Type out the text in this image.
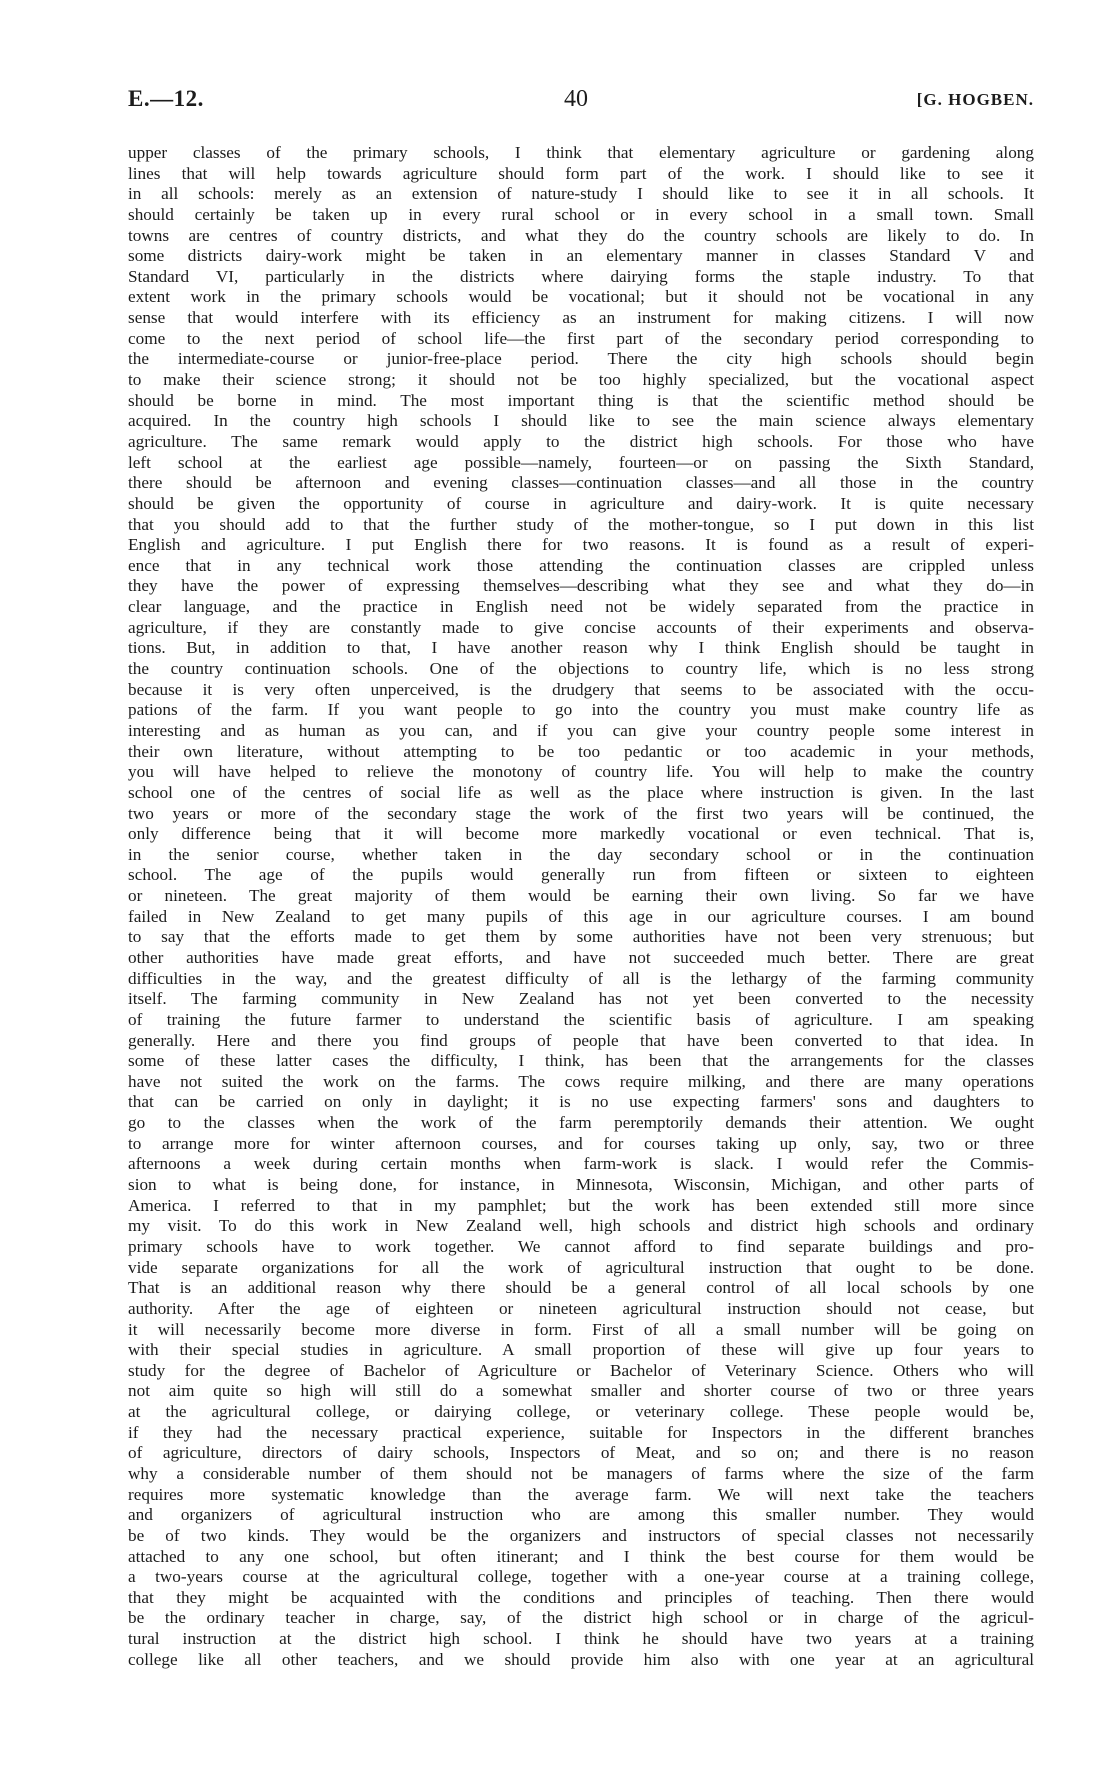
E.—12.	40	[G. HOGBEN.
upper classes of the primary schools, I think that elementary agriculture or gardening along
lines that will help towards agriculture should form part of the work. I should like to see it
in all schools: merely as an extension of nature-study I should like to see it in all schools. It
should certainly be taken up in every rural school or in every school in a small town. Small
towns are centres of country districts, and what they do the country schools are likely to do. In
some districts dairy-work might be taken in an elementary manner in classes Standard V and
Standard VI, particularly in the districts where dairying forms the staple industry. To that
extent work in the primary schools would be vocational; but it should not be vocational in any
sense that would interfere with its efficiency as an instrument for making citizens. I will now
come to the next period of school life—the first part of the secondary period corresponding to
the intermediate-course or junior-free-place period. There the city high schools should begin
to make their science strong; it should not be too highly specialized, but the vocational aspect
should be borne in mind. The most important thing is that the scientific method should be
acquired. In the country high schools I should like to see the main science always elementary
agriculture. The same remark would apply to the district high schools. For those who have
left school at the earliest age possible—namely, fourteen—or on passing the Sixth Standard,
there should be afternoon and evening classes—continuation classes—and all those in the country
should be given the opportunity of course in agriculture and dairy-work. It is quite necessary
that you should add to that the further study of the mother-tongue, so I put down in this list
English and agriculture. I put English there for two reasons. It is found as a result of experi-
ence that in any technical work those attending the continuation classes are crippled unless
they have the power of expressing themselves—describing what they see and what they do—in
clear language, and the practice in English need not be widely separated from the practice in
agriculture, if they are constantly made to give concise accounts of their experiments and observa-
tions. But, in addition to that, I have another reason why I think English should be taught in
the country continuation schools. One of the objections to country life, which is no less strong
because it is very often unperceived, is the drudgery that seems to be associated with the occu-
pations of the farm. If you want people to go into the country you must make country life as
interesting and as human as you can, and if you can give your country people some interest in
their own literature, without attempting to be too pedantic or too academic in your methods,
you will have helped to relieve the monotony of country life. You will help to make the country
school one of the centres of social life as well as the place where instruction is given. In the last
two years or more of the secondary stage the work of the first two years will be continued, the
only difference being that it will become more markedly vocational or even technical. That is,
in the senior course, whether taken in the day secondary school or in the continuation
school. The age of the pupils would generally run from fifteen or sixteen to eighteen
or nineteen. The great majority of them would be earning their own living. So far we have
failed in New Zealand to get many pupils of this age in our agriculture courses. I am bound
to say that the efforts made to get them by some authorities have not been very strenuous; but
other authorities have made great efforts, and have not succeeded much better. There are great
difficulties in the way, and the greatest difficulty of all is the lethargy of the farming community
itself. The farming community in New Zealand has not yet been converted to the necessity
of training the future farmer to understand the scientific basis of agriculture. I am speaking
generally. Here and there you find groups of people that have been converted to that idea. In
some of these latter cases the difficulty, I think, has been that the arrangements for the classes
have not suited the work on the farms. The cows require milking, and there are many operations
that can be carried on only in daylight; it is no use expecting farmers' sons and daughters to
go to the classes when the work of the farm peremptorily demands their attention. We ought
to arrange more for winter afternoon courses, and for courses taking up only, say, two or three
afternoons a week during certain months when farm-work is slack. I would refer the Commis-
sion to what is being done, for instance, in Minnesota, Wisconsin, Michigan, and other parts of
America. I referred to that in my pamphlet; but the work has been extended still more since
my visit. To do this work in New Zealand well, high schools and district high schools and ordinary
primary schools have to work together. We cannot afford to find separate buildings and pro-
vide separate organizations for all the work of agricultural instruction that ought to be done.
That is an additional reason why there should be a general control of all local schools by one
authority. After the age of eighteen or nineteen agricultural instruction should not cease, but
it will necessarily become more diverse in form. First of all a small number will be going on
with their special studies in agriculture. A small proportion of these will give up four years to
study for the degree of Bachelor of Agriculture or Bachelor of Veterinary Science. Others who will
not aim quite so high will still do a somewhat smaller and shorter course of two or three years
at the agricultural college, or dairying college, or veterinary college. These people would be,
if they had the necessary practical experience, suitable for Inspectors in the different branches
of agriculture, directors of dairy schools, Inspectors of Meat, and so on; and there is no reason
why a considerable number of them should not be managers of farms where the size of the farm
requires more systematic knowledge than the average farm. We will next take the teachers
and organizers of agricultural instruction who are among this smaller number. They would
be of two kinds. They would be the organizers and instructors of special classes not necessarily
attached to any one school, but often itinerant; and I think the best course for them would be
a two-years course at the agricultural college, together with a one-year course at a training college,
that they might be acquainted with the conditions and principles of teaching. Then there would
be the ordinary teacher in charge, say, of the district high school or in charge of the agricul-
tural instruction at the district high school. I think he should have two years at a training
college like all other teachers, and we should provide him also with one year at an agricultural
